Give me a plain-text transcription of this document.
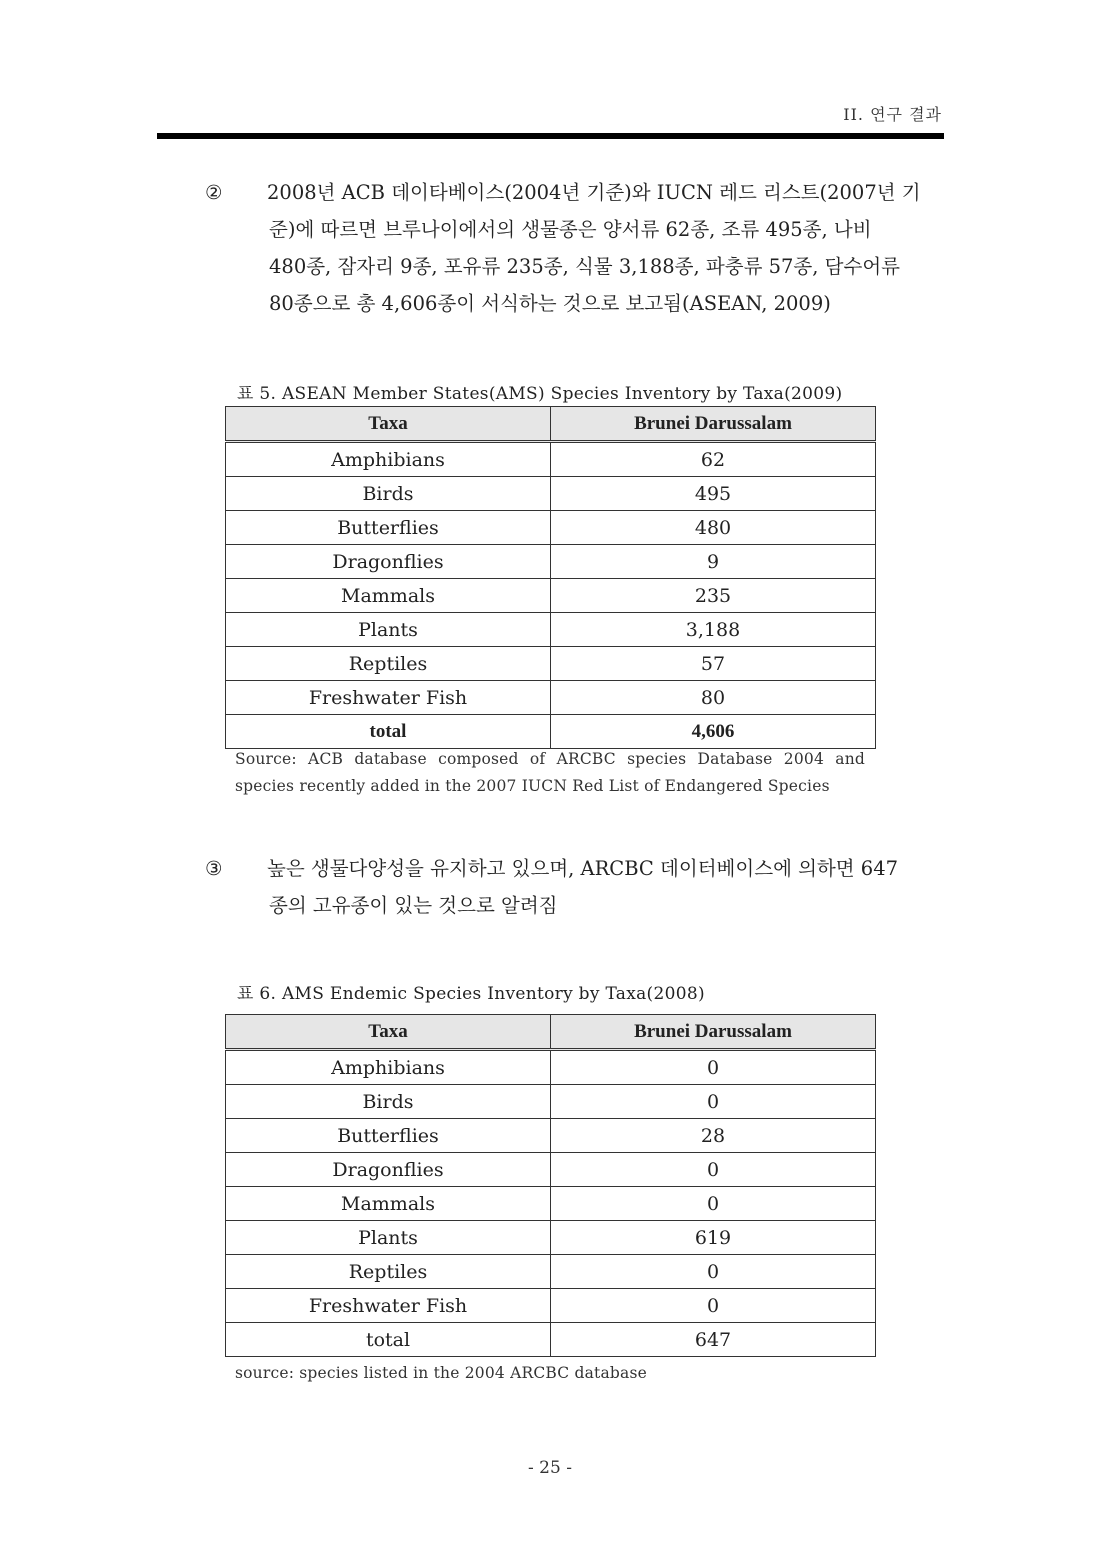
II. 연구 결과
② 2008년 ACB 데이타베이스(2004년 기준)와 IUCN 레드 리스트(2007년 기
준)에 따르면 브루나이에서의 생물종은 양서류 62종, 조류 495종, 나비
480종, 잠자리 9종, 포유류 235종, 식물 3,188종, 파충류 57종, 담수어류
80종으로 총 4,606종이 서식하는 것으로 보고됨(ASEAN, 2009)
표 5. ASEAN Member States(AMS) Species Inventory by Taxa(2009)
Taxa	Brunei Darussalam
Amphibians	62
Birds	495
Butterflies	480
Dragonflies	9
Mammals	235
Plants	3,188
Reptiles	57
Freshwater Fish	80
total	4,606
Source: ACB database composed of ARCBC species Database 2004 and species recently added in the 2007 IUCN Red List of Endangered Species
③ 높은 생물다양성을 유지하고 있으며, ARCBC 데이터베이스에 의하면 647
종의 고유종이 있는 것으로 알려짐
표 6. AMS Endemic Species Inventory by Taxa(2008)
Taxa	Brunei Darussalam
Amphibians	0
Birds	0
Butterflies	28
Dragonflies	0
Mammals	0
Plants	619
Reptiles	0
Freshwater Fish	0
total	647
source: species listed in the 2004 ARCBC database
- 25 -
